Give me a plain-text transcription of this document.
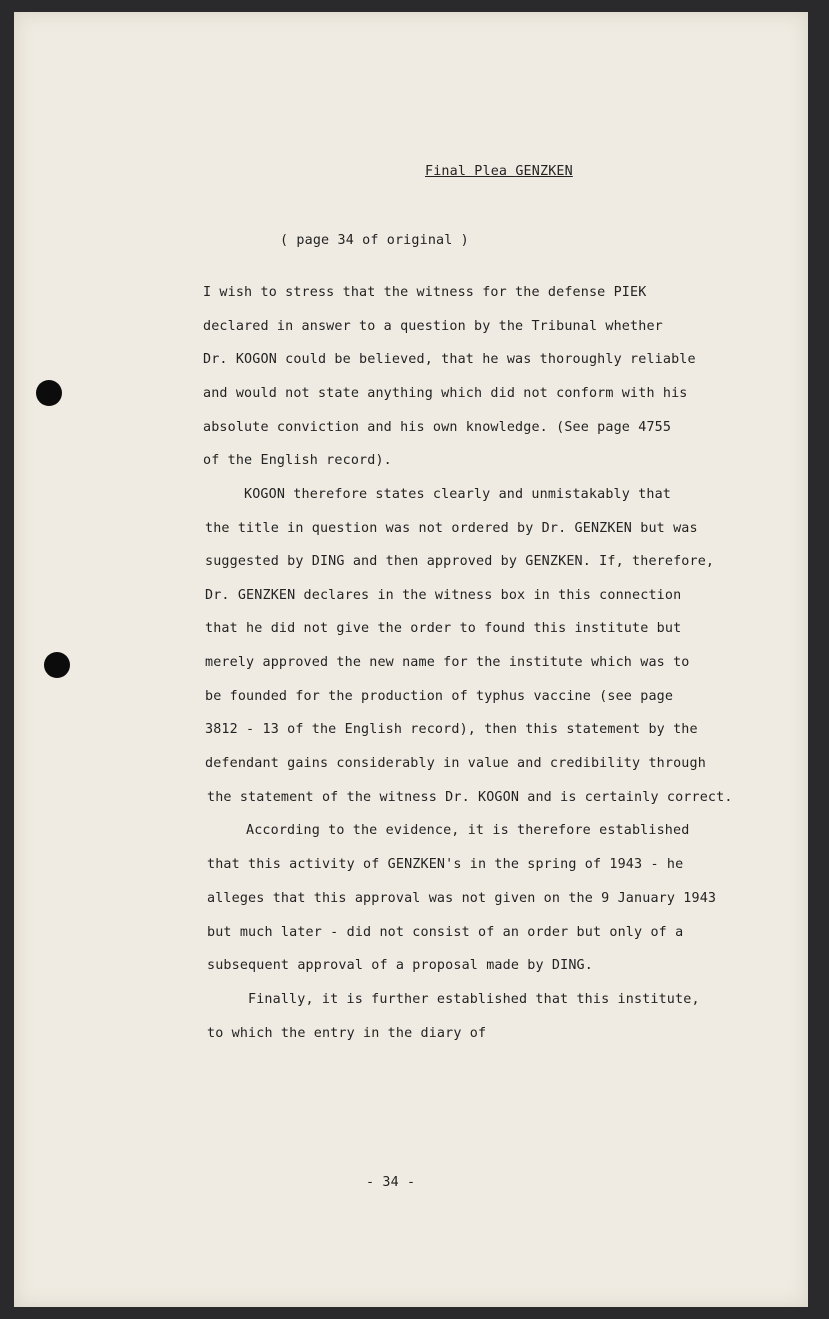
Final Plea GENZKEN
( page 34 of original )
I wish to stress that the witness for the defense PIEK
declared in answer to a question by the Tribunal whether
Dr. KOGON could be believed, that he was thoroughly reliable
and would not state anything which did not conform with his
absolute conviction and his own knowledge. (See page 4755
of the English record).
KOGON therefore states clearly and unmistakably that
the title in question was not ordered by Dr. GENZKEN but was
suggested by DING and then approved by GENZKEN. If, therefore,
Dr. GENZKEN declares in the witness box in this connection
that he did not give the order to found this institute but
merely approved the new name for the institute which was to
be founded for the production of typhus vaccine (see page
3812 - 13 of the English record), then this statement by the
defendant gains considerably in value and credibility through
the statement of the witness Dr. KOGON and is certainly correct.
According to the evidence, it is therefore established
that this activity of GENZKEN's in the spring of 1943 - he
alleges that this approval was not given on the 9 January 1943
but much later - did not consist of an order but only of a
subsequent approval of a proposal made by DING.
Finally, it is further established that this institute,
to which the entry in the diary of
- 34 -
